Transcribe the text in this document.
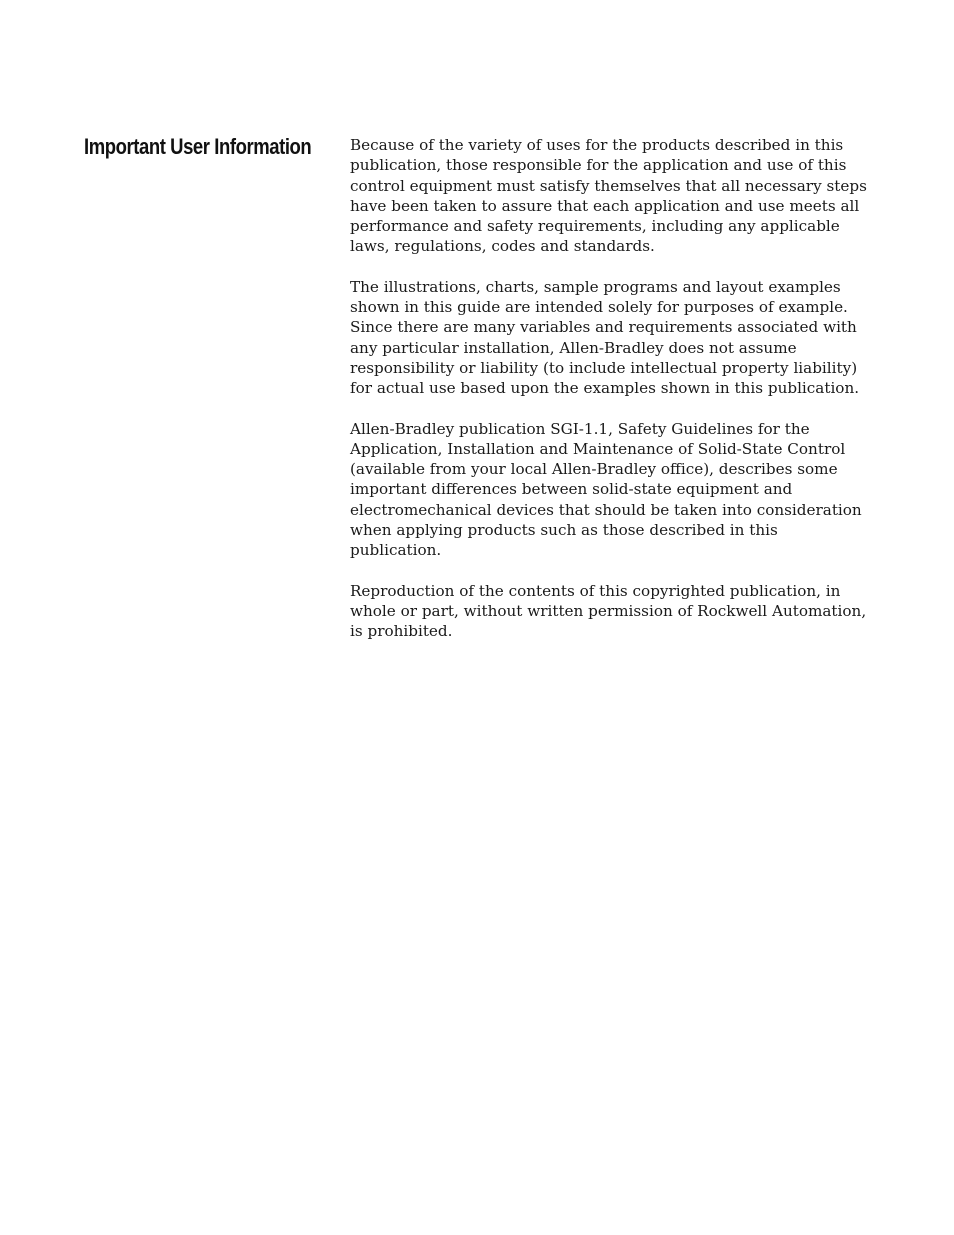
Important User Information	Because of the variety of uses for the products described in this publication, those responsible for the application and use of this control equipment must satisfy themselves that all necessary steps have been taken to assure that each application and use meets all performance and safety requirements, including any applicable laws, regulations, codes and standards.

The illustrations, charts, sample programs and layout examples shown in this guide are intended solely for purposes of example. Since there are many variables and requirements associated with any particular installation, Allen-Bradley does not assume responsibility or liability (to include intellectual property liability) for actual use based upon the examples shown in this publication.

Allen-Bradley publication SGI-1.1, Safety Guidelines for the Application, Installation and Maintenance of Solid-State Control (available from your local Allen-Bradley office), describes some important differences between solid-state equipment and electromechanical devices that should be taken into consideration when applying products such as those described in this publication.

Reproduction of the contents of this copyrighted publication, in whole or part, without written permission of Rockwell Automation, is prohibited.
